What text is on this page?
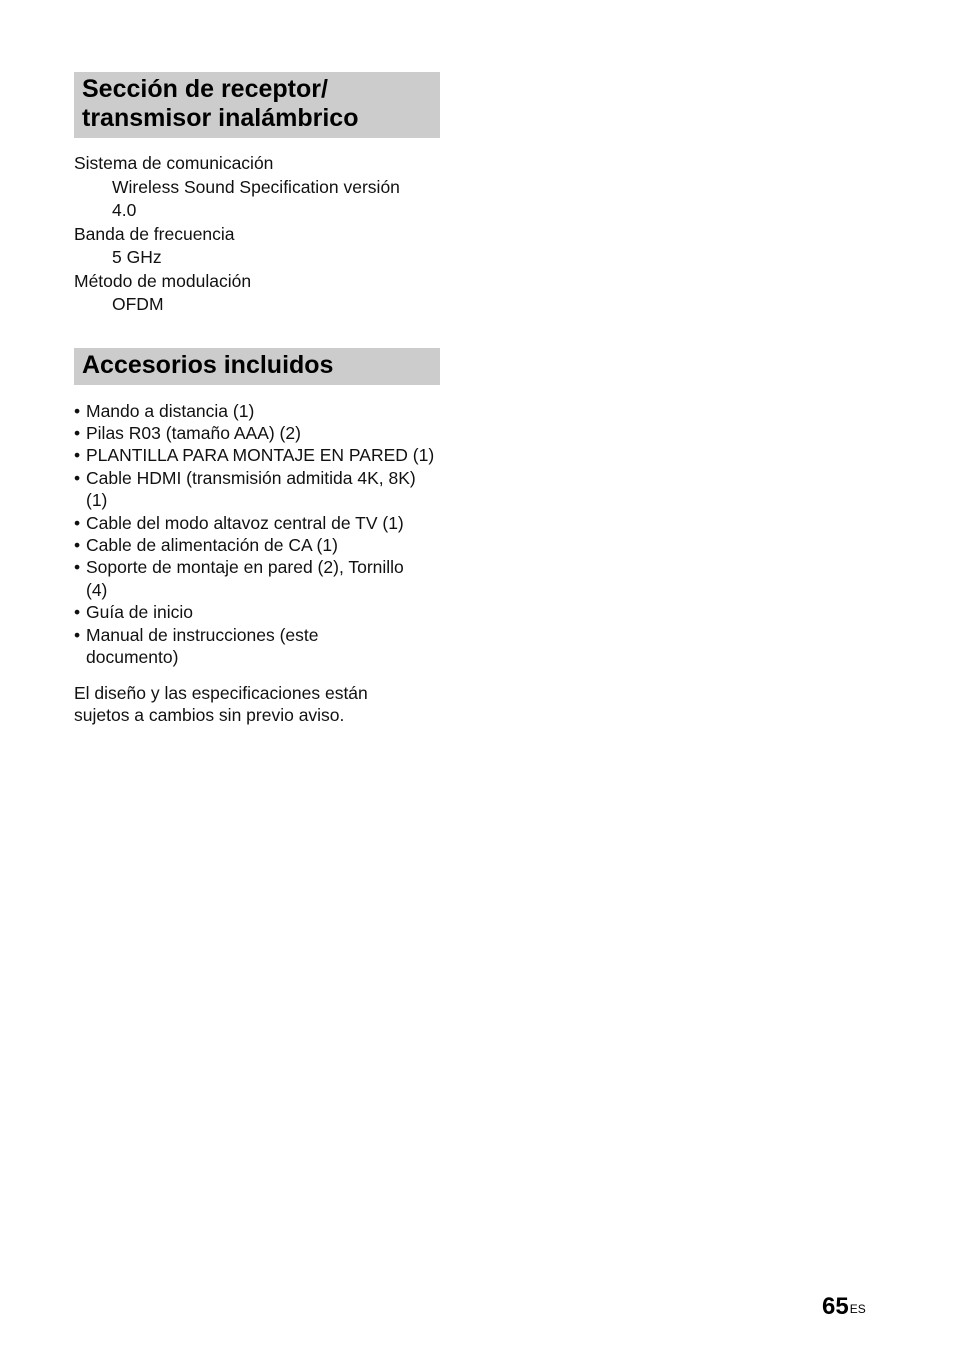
Sección de receptor/
transmisor inalámbrico
Sistema de comunicación
Wireless Sound Specification versión
4.0
Banda de frecuencia
5 GHz
Método de modulación
OFDM
Accesorios incluidos
• Mando a distancia (1)
• Pilas R03 (tamaño AAA) (2)
• PLANTILLA PARA MONTAJE EN PARED (1)
• Cable HDMI (transmisión admitida 4K, 8K)
(1)
• Cable del modo altavoz central de TV (1)
• Cable de alimentación de CA (1)
• Soporte de montaje en pared (2), Tornillo
(4)
• Guía de inicio
• Manual de instrucciones (este
documento)
El diseño y las especificaciones están
sujetos a cambios sin previo aviso.
$65^{ES}$
